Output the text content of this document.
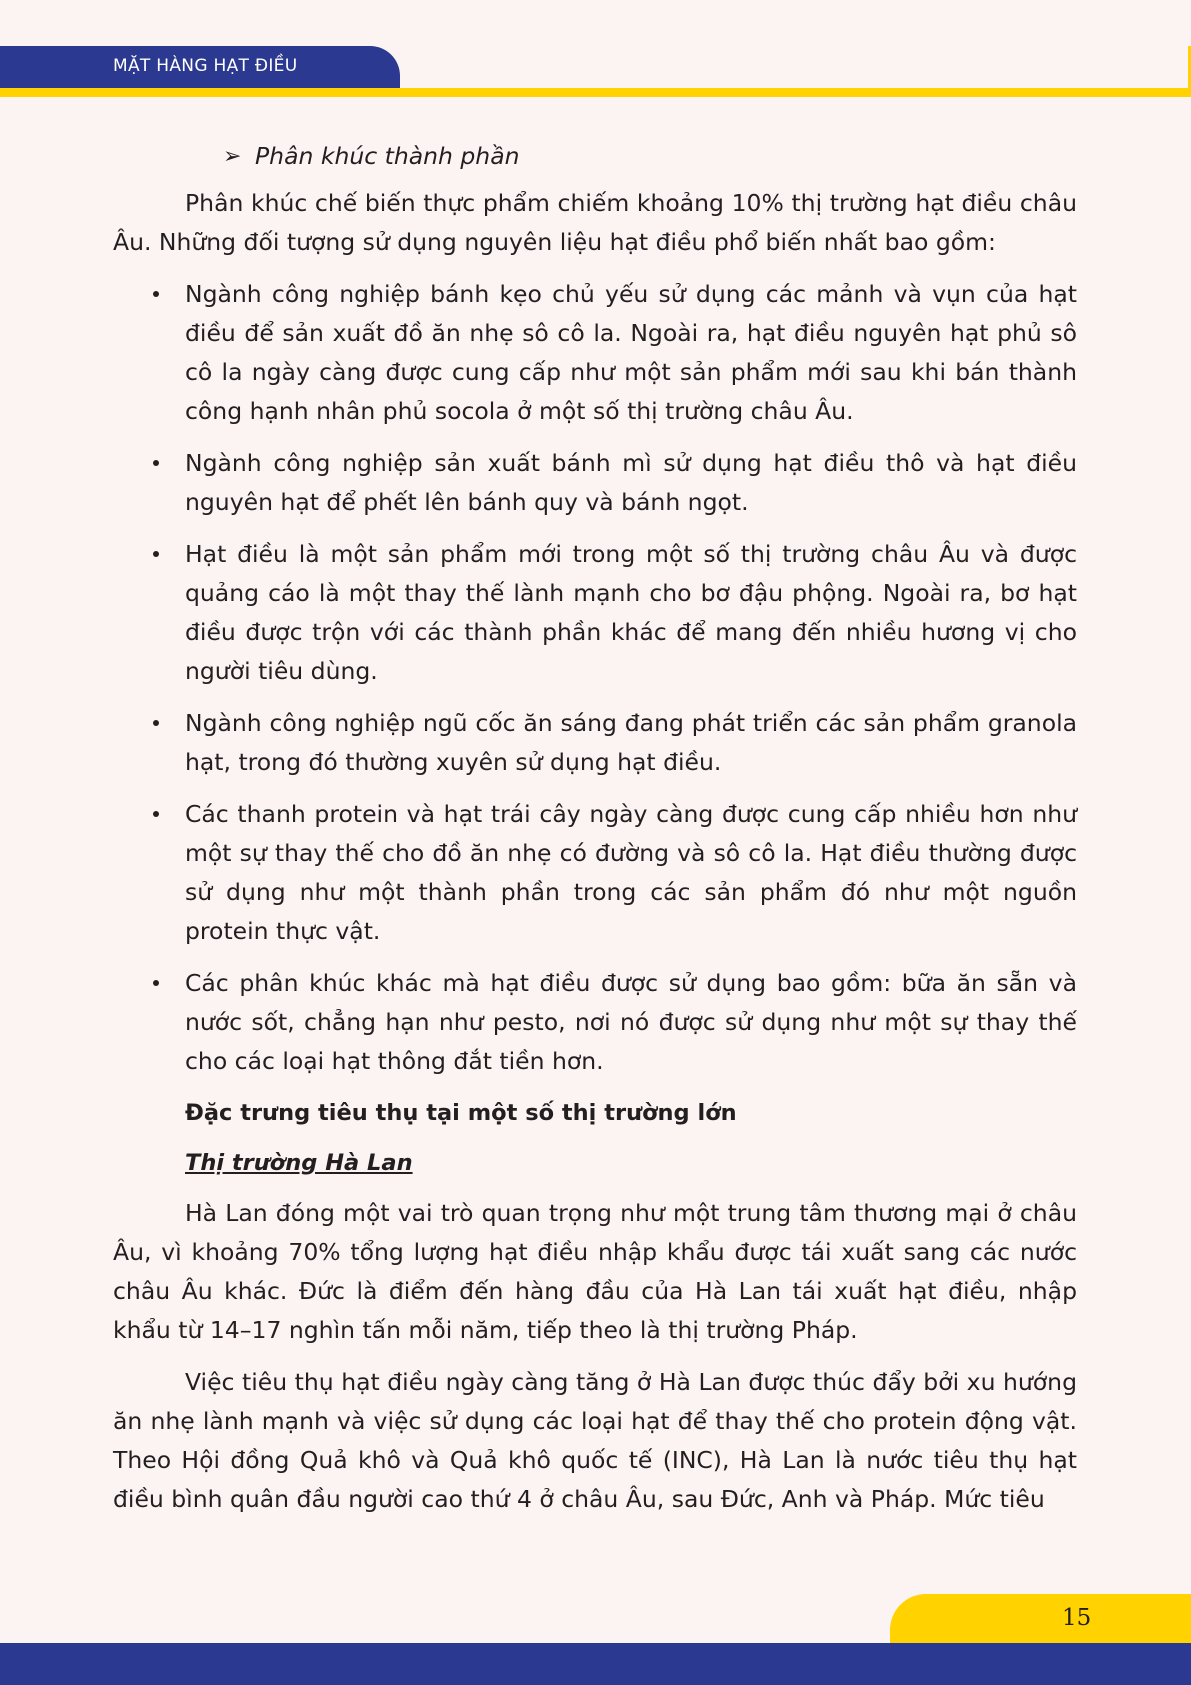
MẶT HÀNG HẠT ĐIỀU
➢ Phân khúc thành phần

Phân khúc chế biến thực phẩm chiếm khoảng 10% thị trường hạt điều châu Âu. Những đối tượng sử dụng nguyên liệu hạt điều phổ biến nhất bao gồm:

Ngành công nghiệp bánh kẹo chủ yếu sử dụng các mảnh và vụn của hạt điều để sản xuất đồ ăn nhẹ sô cô la. Ngoài ra, hạt điều nguyên hạt phủ sô cô la ngày càng được cung cấp như một sản phẩm mới sau khi bán thành công hạnh nhân phủ socola ở một số thị trường châu Âu.
Ngành công nghiệp sản xuất bánh mì sử dụng hạt điều thô và hạt điều nguyên hạt để phết lên bánh quy và bánh ngọt.
Hạt điều là một sản phẩm mới trong một số thị trường châu Âu và được quảng cáo là một thay thế lành mạnh cho bơ đậu phộng. Ngoài ra, bơ hạt điều được trộn với các thành phần khác để mang đến nhiều hương vị cho người tiêu dùng.
Ngành công nghiệp ngũ cốc ăn sáng đang phát triển các sản phẩm granola hạt, trong đó thường xuyên sử dụng hạt điều.
Các thanh protein và hạt trái cây ngày càng được cung cấp nhiều hơn như một sự thay thế cho đồ ăn nhẹ có đường và sô cô la. Hạt điều thường được sử dụng như một thành phần trong các sản phẩm đó như một nguồn protein thực vật.
Các phân khúc khác mà hạt điều được sử dụng bao gồm: bữa ăn sẵn và nước sốt, chẳng hạn như pesto, nơi nó được sử dụng như một sự thay thế cho các loại hạt thông đắt tiền hơn.
Đặc trưng tiêu thụ tại một số thị trường lớn
Thị trường Hà Lan

Hà Lan đóng một vai trò quan trọng như một trung tâm thương mại ở châu Âu, vì khoảng 70% tổng lượng hạt điều nhập khẩu được tái xuất sang các nước châu Âu khác. Đức là điểm đến hàng đầu của Hà Lan tái xuất hạt điều, nhập khẩu từ 14–17 nghìn tấn mỗi năm, tiếp theo là thị trường Pháp.

Việc tiêu thụ hạt điều ngày càng tăng ở Hà Lan được thúc đẩy bởi xu hướng ăn nhẹ lành mạnh và việc sử dụng các loại hạt để thay thế cho protein động vật. Theo Hội đồng Quả khô và Quả khô quốc tế (INC), Hà Lan là nước tiêu thụ hạt điều bình quân đầu người cao thứ 4 ở châu Âu, sau Đức, Anh và Pháp. Mức tiêu

15
